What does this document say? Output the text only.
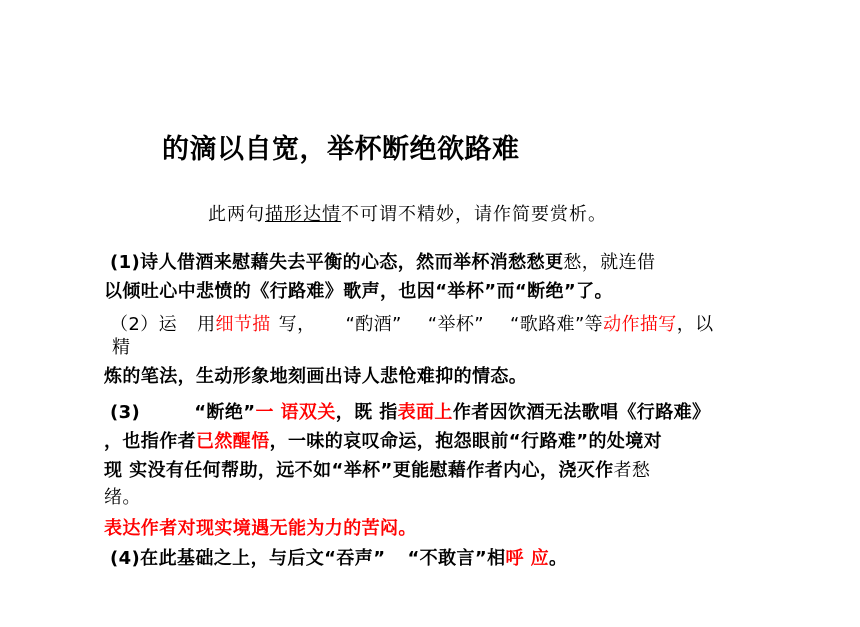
的滴以自宽，举杯断绝欲路难
此两句描形达情不可谓不精妙，请作简要赏析。
(1)诗人借酒来慰藉失去平衡的心态，然而举杯消愁愁更愁，就连借
以倾吐心中悲愤的《行路难》歌声，也因“举杯”而“断绝”了。
（2）运 用细节描 写， “酌酒” “举杯” “歌路难”等动作描写，以
精
炼的笔法，生动形象地刻画出诗人悲怆难抑的情态。
(3)	“断绝”一 语双关，既 指表面上作者因饮酒无法歌唱《行路难》
，也指作者已然醒悟，一味的哀叹命运，抱怨眼前“行路难”的处境对
现 实没有任何帮助，远不如“举杯”更能慰藉作者内心，浇灭作者愁
绪。
表达作者对现实境遇无能为力的苦闷。
(4)在此基础之上，与后文“吞声” “不敢言”相呼 应。
